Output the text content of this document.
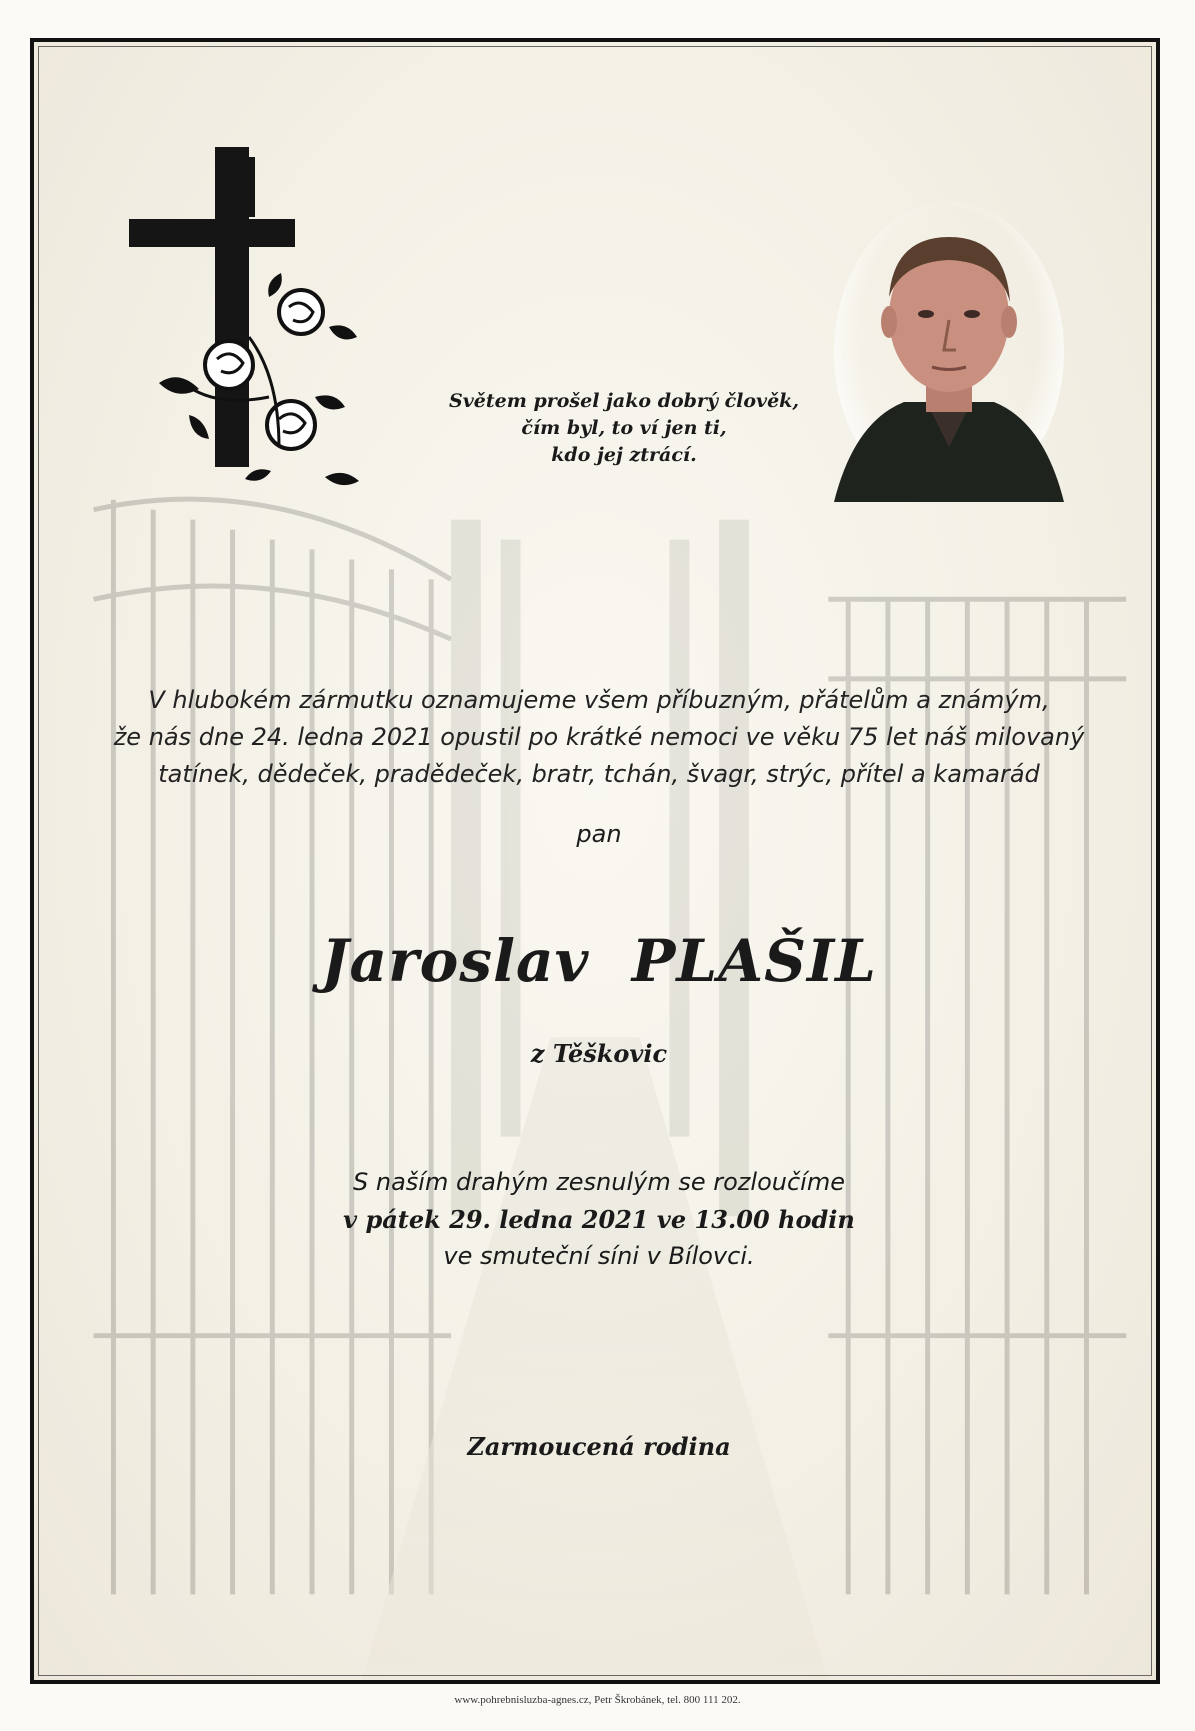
Světem prošel jako dobrý člověk,
čím byl, to ví jen ti,
kdo jej ztrácí.
V hlubokém zármutku oznamujeme všem příbuzným, přátelům a známým,
že nás dne 24. ledna 2021 opustil po krátké nemoci ve věku 75 let náš milovaný
tatínek, dědeček, pradědeček, bratr, tchán, švagr, strýc, přítel a kamarád
pan
Jaroslav PLAŠIL
z Těškovic
S naším drahým zesnulým se rozloučíme
v pátek 29. ledna 2021 ve 13.00 hodin
ve smuteční síni v Bílovci.
Zarmoucená rodina
www.pohrebnisluzba-agnes.cz, Petr Škrobánek, tel. 800 111 202.
